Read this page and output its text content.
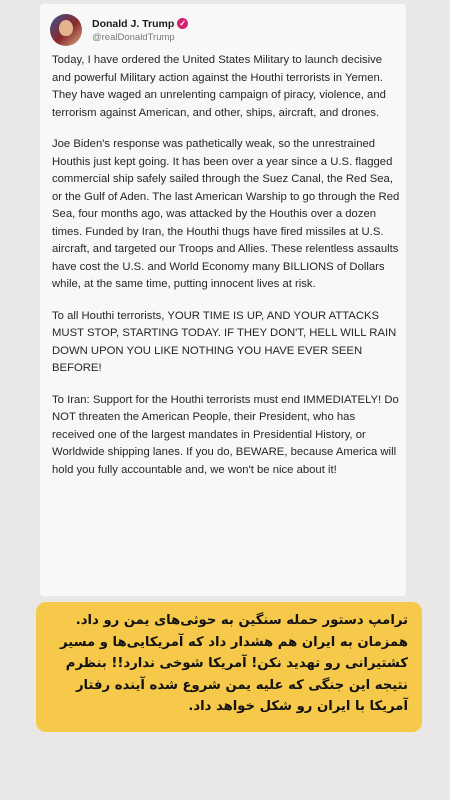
Donald J. Trump ✓
@realDonaldTrump

Today, I have ordered the United States Military to launch decisive and powerful Military action against the Houthi terrorists in Yemen. They have waged an unrelenting campaign of piracy, violence, and terrorism against American, and other, ships, aircraft, and drones.

Joe Biden's response was pathetically weak, so the unrestrained Houthis just kept going. It has been over a year since a U.S. flagged commercial ship safely sailed through the Suez Canal, the Red Sea, or the Gulf of Aden. The last American Warship to go through the Red Sea, four months ago, was attacked by the Houthis over a dozen times. Funded by Iran, the Houthi thugs have fired missiles at U.S. aircraft, and targeted our Troops and Allies. These relentless assaults have cost the U.S. and World Economy many BILLIONS of Dollars while, at the same time, putting innocent lives at risk.

To all Houthi terrorists, YOUR TIME IS UP, AND YOUR ATTACKS MUST STOP, STARTING TODAY. IF THEY DON'T, HELL WILL RAIN DOWN UPON YOU LIKE NOTHING YOU HAVE EVER SEEN BEFORE!

To Iran: Support for the Houthi terrorists must end IMMEDIATELY! Do NOT threaten the American People, their President, who has received one of the largest mandates in Presidential History, or Worldwide shipping lanes. If you do, BEWARE, because America will hold you fully accountable and, we won't be nice about it!

ترامپ دستور حمله سنگین به حوثی‌های یمن رو داد. همزمان به ایران هم هشدار داد که آمریکایی‌ها و مسیر کشتیرانی رو تهدید نکن! آمریکا شوخی ندارد!! بنظرم نتیجه این جنگی که علیه یمن شروع شده آینده رفتار آمریکا با ایران رو شکل خواهد داد.
